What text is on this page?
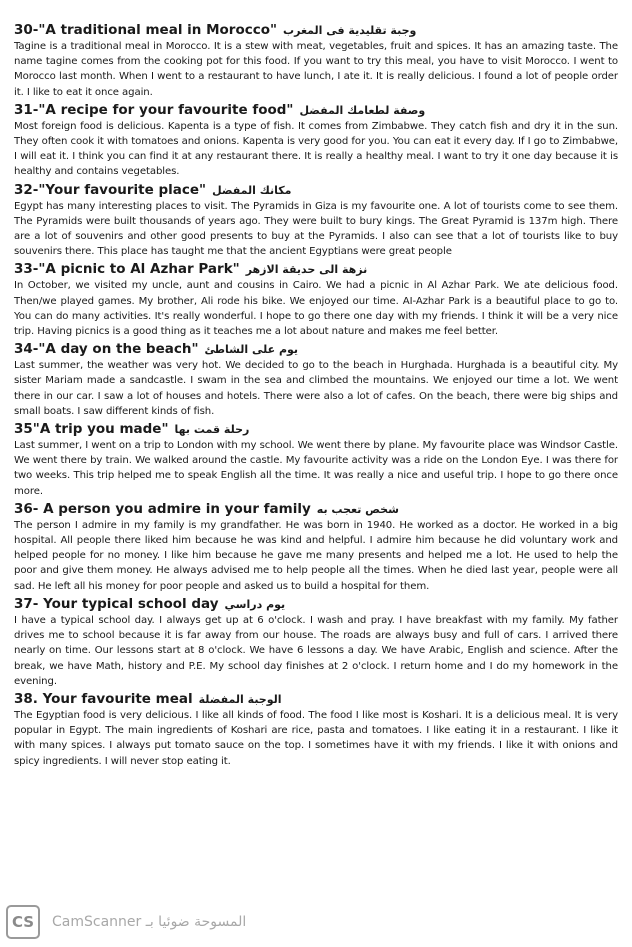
30-"A traditional meal in Morocco" وجبة تقليدية فى المغرب

Tagine is a traditional meal in Morocco. It is a stew with meat, vegetables, fruit and spices. It has an amazing taste. The name tagine comes from the cooking pot for this food. If you want to try this meal, you have to visit Morocco. I went to Morocco last month. When I went to a restaurant to have lunch, I ate it. It is really delicious. I found a lot of people order it. I like to eat it once again.

31-"A recipe for your favourite food" وصفة لطعامك المفضل

Most foreign food is delicious. Kapenta is a type of fish. It comes from Zimbabwe. They catch fish and dry it in the sun. They often cook it with tomatoes and onions. Kapenta is very good for you. You can eat it every day. If I go to Zimbabwe, I will eat it. I think you can find it at any restaurant there. It is really a healthy meal. I want to try it one day because it is healthy and contains vegetables.

32-"Your favourite place" مكانك المفضل

Egypt has many interesting places to visit. The Pyramids in Giza is my favourite one. A lot of tourists come to see them. The Pyramids were built thousands of years ago. They were built to bury kings. The Great Pyramid is 137m high. There are a lot of souvenirs and other good presents to buy at the Pyramids. I also can see that a lot of tourists like to buy souvenirs there. This place has taught me that the ancient Egyptians were great people

33-"A picnic to Al Azhar Park" نزهة الى حديقة الازهر

In October, we visited my uncle, aunt and cousins in Cairo. We had a picnic in Al Azhar Park. We ate delicious food. Then/we played games. My brother, Ali rode his bike. We enjoyed our time. AI-Azhar Park is a beautiful place to go to. You can do many activities. It's really wonderful. I hope to go there one day with my friends. I think it will be a very nice trip. Having picnics is a good thing as it teaches me a lot about nature and makes me feel better.

34-"A day on the beach" يوم على الشاطئ

Last summer, the weather was very hot. We decided to go to the beach in Hurghada. Hurghada is a beautiful city. My sister Mariam made a sandcastle. I swam in the sea and climbed the mountains. We enjoyed our time a lot. We went there in our car. I saw a lot of houses and hotels. There were also a lot of cafes. On the beach, there were big ships and small boats. I saw different kinds of fish.

35"A trip you made" رحلة قمت بها

Last summer, I went on a trip to London with my school. We went there by plane. My favourite place was Windsor Castle. We went there by train. We walked around the castle. My favourite activity was a ride on the London Eye. I was there for two weeks. This trip helped me to speak English all the time. It was really a nice and useful trip. I hope to go there once more.

36- A person you admire in your family شخص تعجب به

The person I admire in my family is my grandfather. He was born in 1940. He worked as a doctor. He worked in a big hospital. All people there liked him because he was kind and helpful. I admire him because he did voluntary work and helped people for no money. I like him because he gave me many presents and helped me a lot. He used to help the poor and give them money. He always advised me to help people all the times. When he died last year, people were all sad. He left all his money for poor people and asked us to build a hospital for them.

37- Your typical school day يوم دراسي

I have a typical school day. I always get up at 6 o'clock. I wash and pray. I have breakfast with my family. My father drives me to school because it is far away from our house. The roads are always busy and full of cars. I arrived there nearly on time. Our lessons start at 8 o'clock. We have 6 lessons a day. We have Arabic, English and science. After the break, we have Math, history and P.E. My school day finishes at 2 o'clock. I return home and I do my homework in the evening.

38. Your favourite meal الوجبة المفضلة

The Egyptian food is very delicious. I like all kinds of food. The food I like most is Koshari. It is a delicious meal. It is very popular in Egypt. The main ingredients of Koshari are rice, pasta and tomatoes. I like eating it in a restaurant. I like it with many spices. I always put tomato sauce on the top. I sometimes have it with my friends. I like it with onions and spicy ingredients. I will never stop eating it.

CS	CamScanner المسوحة ضوئيا بـ
